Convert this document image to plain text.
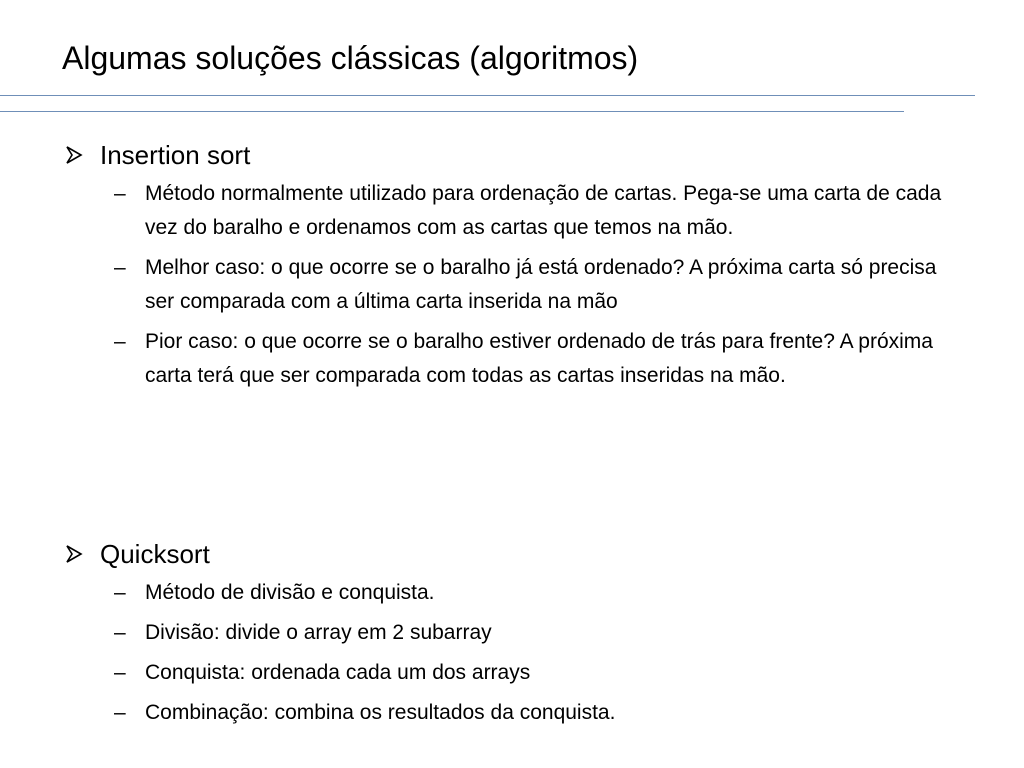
Algumas soluções clássicas (algoritmos)
Insertion sort
– Método normalmente utilizado para ordenação de cartas. Pega-se uma carta de cada vez do baralho e ordenamos com as cartas que temos na mão.
– Melhor caso: o que ocorre se o baralho já está ordenado? A próxima carta só precisa ser comparada com a última carta inserida na mão
– Pior caso: o que ocorre se o baralho estiver ordenado de trás para frente? A próxima carta terá que ser comparada com todas as cartas inseridas na mão.
Quicksort
– Método de divisão e conquista.
– Divisão: divide o array em 2 subarray
– Conquista: ordenada cada um dos arrays
– Combinação: combina os resultados da conquista.
